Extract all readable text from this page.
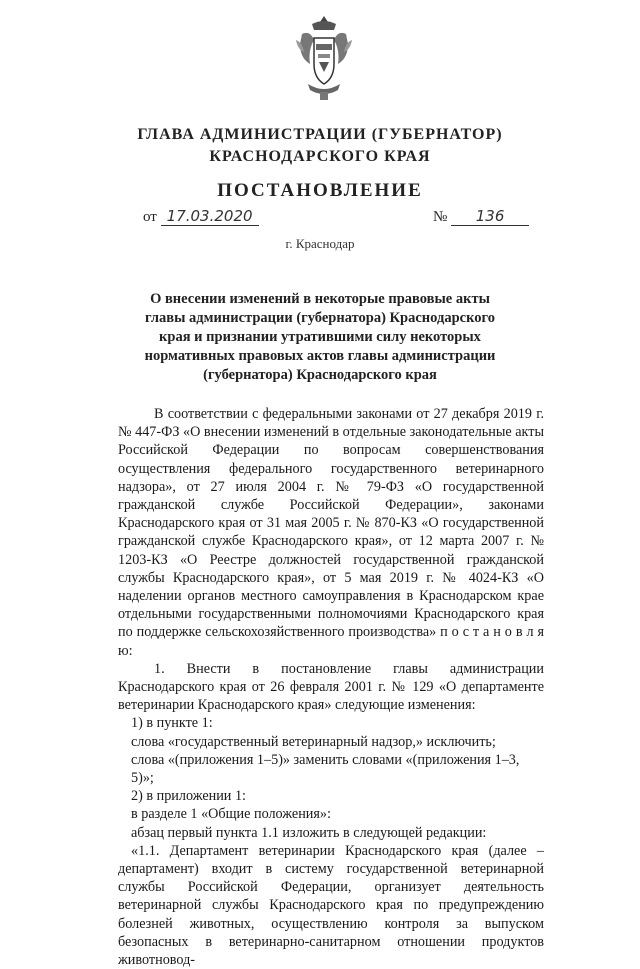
ГЛАВА АДМИНИСТРАЦИИ (ГУБЕРНАТОР)
КРАСНОДАРСКОГО КРАЯ
ПОСТАНОВЛЕНИЕ
от 17.03.2020	№ 136
г. Краснодар
О внесении изменений в некоторые правовые акты главы администрации (губернатора) Краснодарского края и признании утратившими силу некоторых нормативных правовых актов главы администрации (губернатора) Краснодарского края

В соответствии с федеральными законами от 27 декабря 2019 г. № 447-ФЗ «О внесении изменений в отдельные законодательные акты Российской Федерации по вопросам совершенствования осуществления федерального государственного ветеринарного надзора», от 27 июля 2004 г. № 79-ФЗ «О государственной гражданской службе Российской Федерации», законами Краснодарского края от 31 мая 2005 г. № 870-КЗ «О государственной гражданской службе Краснодарского края», от 12 марта 2007 г. № 1203-КЗ «О Реестре должностей государственной гражданской службы Краснодарского края», от 5 мая 2019 г. № 4024-КЗ «О наделении органов местного самоуправления в Краснодарском крае отдельными государственными полномочиями Краснодарского края по поддержке сельскохозяйственного производства» п о с т а н о в л я ю:

1. Внести в постановление главы администрации Краснодарского края от 26 февраля 2001 г. № 129 «О департаменте ветеринарии Краснодарского края» следующие изменения:

1) в пункте 1:

слова «государственный ветеринарный надзор,» исключить;

слова «(приложения 1–5)» заменить словами «(приложения 1–3, 5)»;

2) в приложении 1:

в разделе 1 «Общие положения»:

абзац первый пункта 1.1 изложить в следующей редакции:

«1.1. Департамент ветеринарии Краснодарского края (далее – департамент) входит в систему государственной ветеринарной службы Российской Федерации, организует деятельность ветеринарной службы Краснодарского края по предупреждению болезней животных, осуществлению контроля за выпуском безопасных в ветеринарно-санитарном отношении продуктов животновод-
